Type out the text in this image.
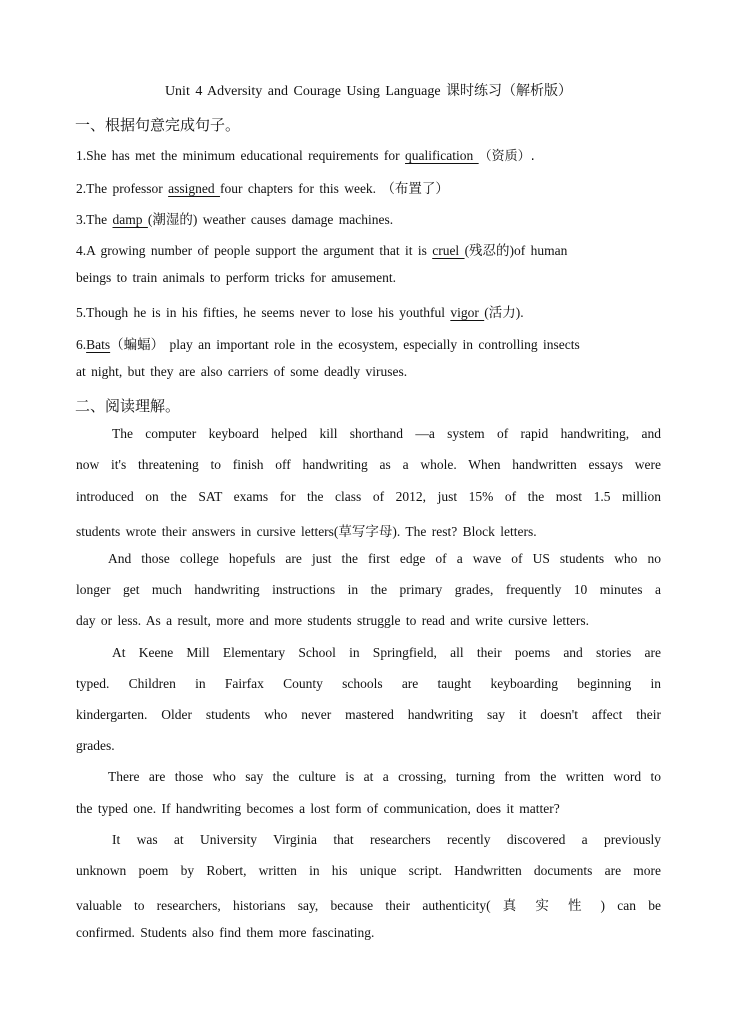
Unit 4 Adversity and Courage Using Language 课时练习（解析版）
一、根据句意完成句子。
1.She has met the minimum educational requirements for qualification （资质）.
2.The professor assigned four chapters for this week. （布置了）
3.The damp (潮湿的) weather causes damage machines.
4.A growing number of people support the argument that it is cruel (残忍的)of human
beings to train animals to perform tricks for amusement.
5.Though he is in his fifties, he seems never to lose his youthful vigor (活力).
6.Bats（蝙蝠） play an important role in the ecosystem, especially in controlling insects
at night, but they are also carriers of some deadly viruses.
二、阅读理解。
The computer keyboard helped kill shorthand —a system of rapid handwriting, and
now it's threatening to finish off handwriting as a whole. When handwritten essays were
introduced on the SAT exams for the class of 2012, just 15% of the most 1.5 million
students wrote their answers in cursive letters(草写字母). The rest? Block letters.
And those college hopefuls are just the first edge of a wave of US students who no
longer get much handwriting instructions in the primary grades, frequently 10 minutes a
day or less. As a result, more and more students struggle to read and write cursive letters.
At Keene Mill Elementary School in Springfield, all their poems and stories are
typed. Children in Fairfax County schools are taught keyboarding beginning in
kindergarten. Older students who never mastered handwriting say it doesn't affect their
grades.
There are those who say the culture is at a crossing, turning from the written word to
the typed one. If handwriting becomes a lost form of communication, does it matter?
It was at University Virginia that researchers recently discovered a previously
unknown poem by Robert, written in his unique script. Handwritten documents are more
valuable to researchers, historians say, because their authenticity( 真 实 性 ) can be
confirmed. Students also find them more fascinating.
